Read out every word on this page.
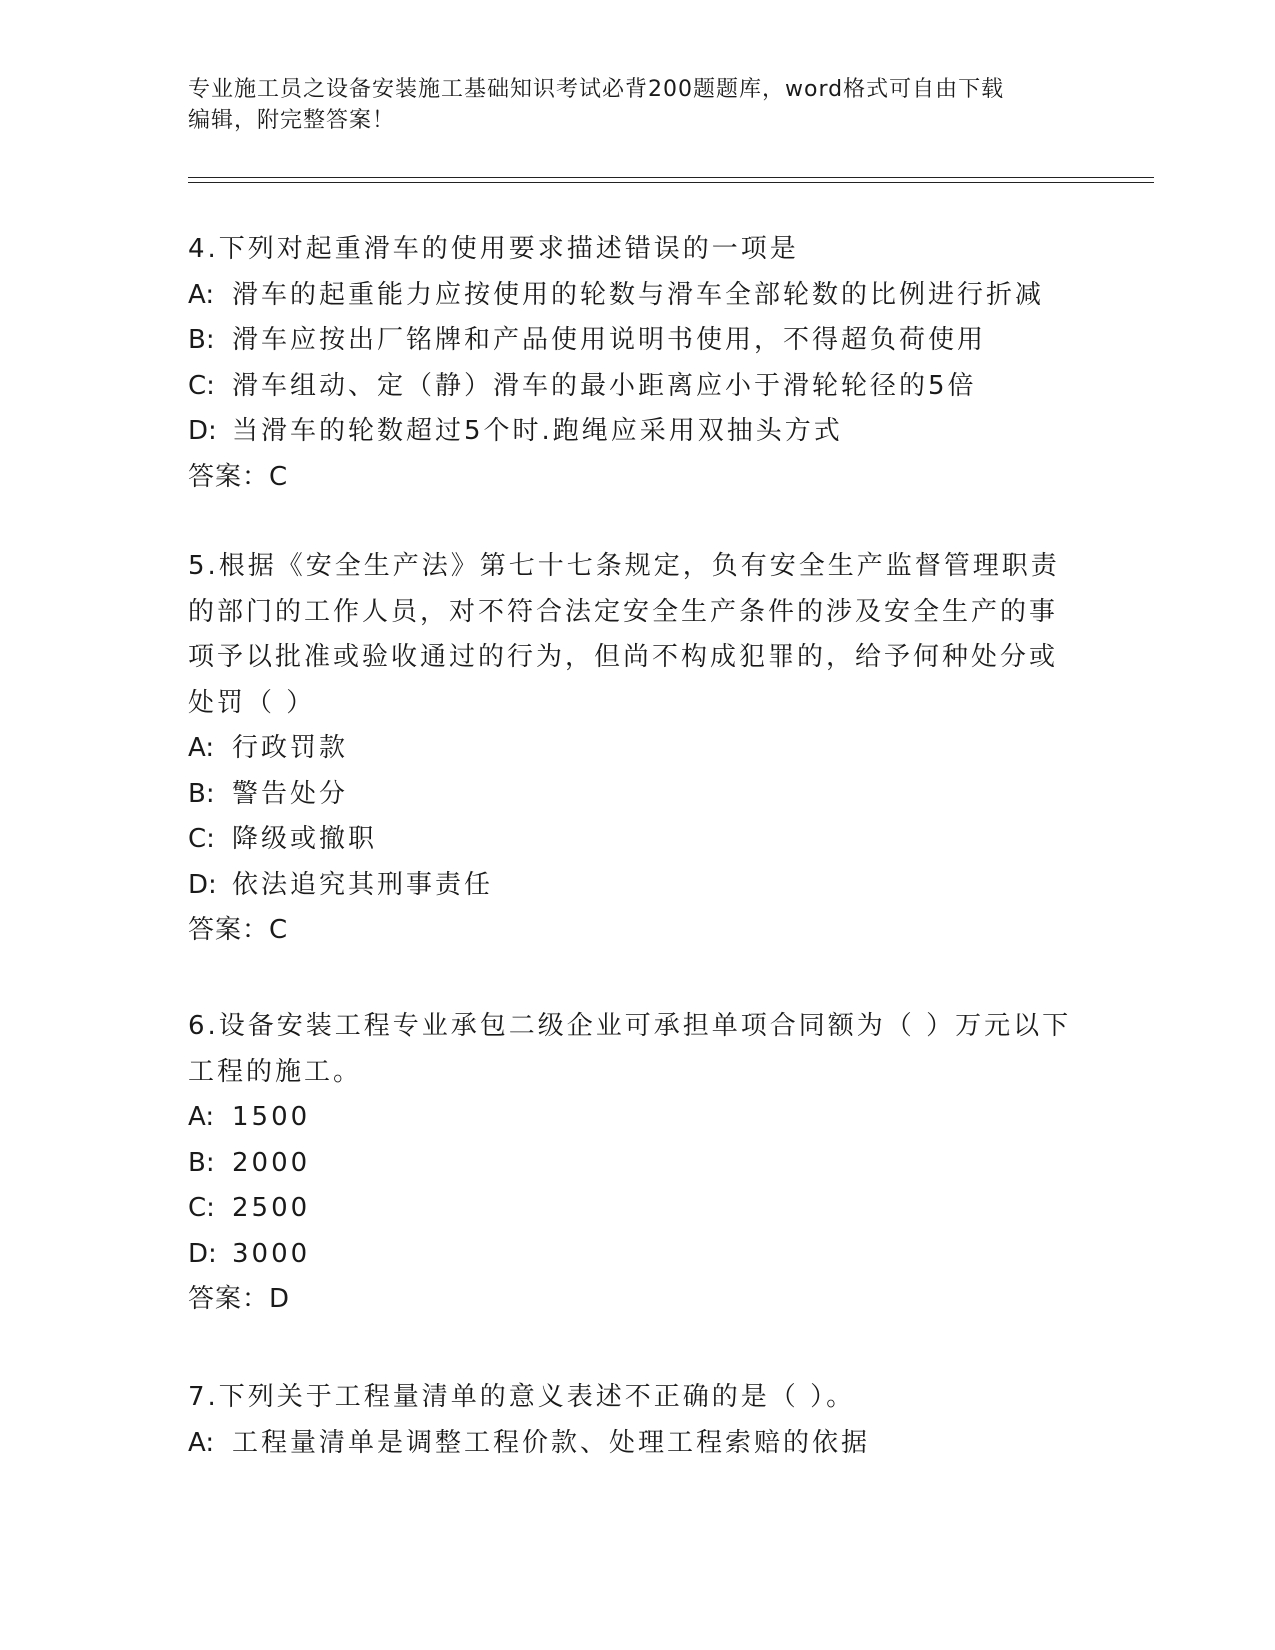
专业施工员之设备安装施工基础知识考试必背200题题库，word格式可自由下载
编辑，附完整答案！
4.下列对起重滑车的使用要求描述错误的一项是
A: 滑车的起重能力应按使用的轮数与滑车全部轮数的比例进行折减
B: 滑车应按出厂铭牌和产品使用说明书使用，不得超负荷使用
C: 滑车组动、定（静）滑车的最小距离应小于滑轮轮径的5倍
D: 当滑车的轮数超过5个时.跑绳应采用双抽头方式
答案：C
5.根据《安全生产法》第七十七条规定，负有安全生产监督管理职责
的部门的工作人员，对不符合法定安全生产条件的涉及安全生产的事
项予以批准或验收通过的行为，但尚不构成犯罪的，给予何种处分或
处罚（ ）
A: 行政罚款
B: 警告处分
C: 降级或撤职
D: 依法追究其刑事责任
答案：C
6.设备安装工程专业承包二级企业可承担单项合同额为（ ）万元以下
工程的施工。
A: 1500
B: 2000
C: 2500
D: 3000
答案：D
7.下列关于工程量清单的意义表述不正确的是（ ）。
A: 工程量清单是调整工程价款、处理工程索赔的依据
